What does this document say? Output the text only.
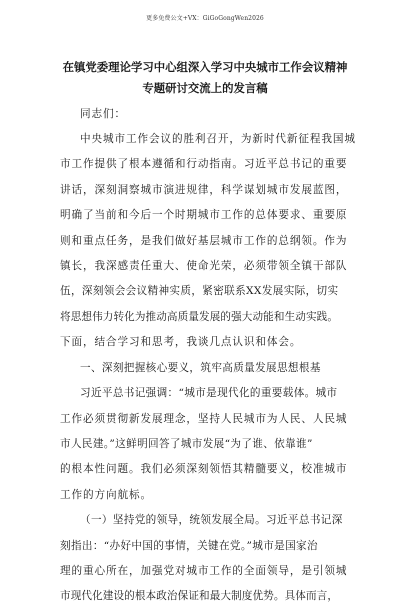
更多免费公文+VX：GiGoGongWen2026
在镇党委理论学习中心组深入学习中央城市工作会议精神
专题研讨交流上的发言稿
同志们：
中央城市工作会议的胜利召开，为新时代新征程我国城
市工作提供了根本遵循和行动指南。习近平总书记的重要
讲话，深刻洞察城市演进规律，科学谋划城市发展蓝图，
明确了当前和今后一个时期城市工作的总体要求、重要原
则和重点任务，是我们做好基层城市工作的总纲领。作为
镇长，我深感责任重大、使命光荣，必须带领全镇干部队
伍，深刻领会会议精神实质，紧密联系XX发展实际，切实
将思想伟力转化为推动高质量发展的强大动能和生动实践。
下面，结合学习和思考，我谈几点认识和体会。
一、深刻把握核心要义，筑牢高质量发展思想根基
习近平总书记强调：“城市是现代化的重要载体。城市
工作必须贯彻新发展理念，坚持人民城市为人民、人民城
市人民建。”这鲜明回答了城市发展“为了谁、依靠谁”
的根本性问题。我们必须深刻领悟其精髓要义，校准城市
工作的方向航标。
（一）坚持党的领导，统领发展全局。习近平总书记深
刻指出：“办好中国的事情，关键在党。”城市是国家治
理的重心所在，加强党对城市工作的全面领导，是引领城
市现代化建设的根本政治保证和最大制度优势。具体而言，
